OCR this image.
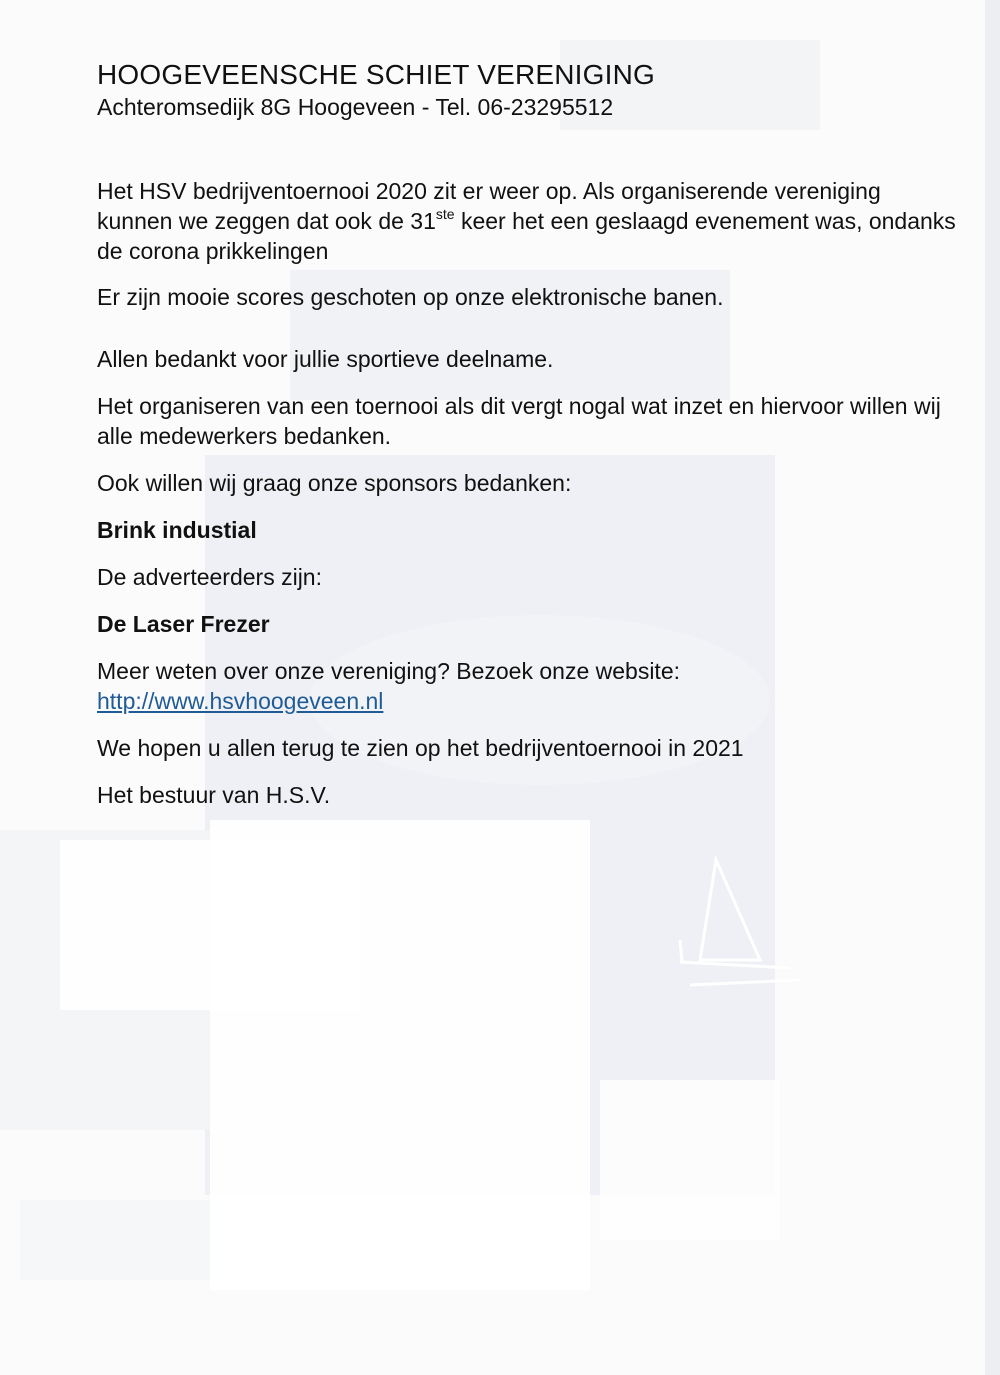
HOOGEVEENSCHE SCHIET VERENIGING
Achteromsedijk 8G Hoogeveen - Tel. 06-23295512

Het HSV bedrijventoernooi 2020 zit er weer op. Als organiserende vereniging kunnen we zeggen dat ook de 31ste keer het een geslaagd evenement was, ondanks de corona prikkelingen

Er zijn mooie scores geschoten op onze elektronische banen.

Allen bedankt voor jullie sportieve deelname.

Het organiseren van een toernooi als dit vergt nogal wat inzet en hiervoor willen wij alle medewerkers bedanken.

Ook willen wij graag onze sponsors bedanken:

Brink industial

De adverteerders zijn:

De Laser Frezer

Meer weten over onze vereniging? Bezoek onze website:
http://www.hsvhoogeveen.nl

We hopen u allen terug te zien op het bedrijventoernooi in 2021

Het bestuur van H.S.V.
